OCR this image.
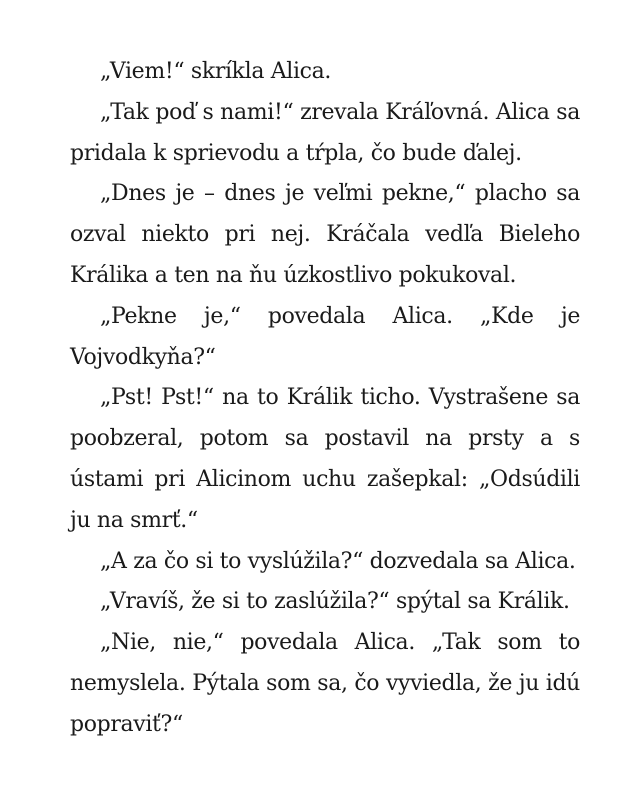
„Viem!“ skríkla Alica.

„Tak poď s nami!“ zrevala Kráľovná. Alica sa pridala k sprievodu a tŕpla, čo bude ďalej.

„Dnes je – dnes je veľmi pekne,“ placho sa ozval niekto pri nej. Kráčala vedľa Bieleho Králika a ten na ňu úzkostlivo pokukoval.

„Pekne je,“ povedala Alica. „Kde je Vojvodkyňa?“

„Pst! Pst!“ na to Králik ticho. Vystrašene sa poobzeral, potom sa postavil na prsty a s ústami pri Alicinom uchu zašepkal: „Odsúdili ju na smrť.“

„A za čo si to vyslúžila?“ dozvedala sa Alica.

„Vravíš, že si to zaslúžila?“ spýtal sa Králik.

„Nie, nie,“ povedala Alica. „Tak som to nemyslela. Pýtala som sa, čo vyviedla, že ju idú popraviť?“
